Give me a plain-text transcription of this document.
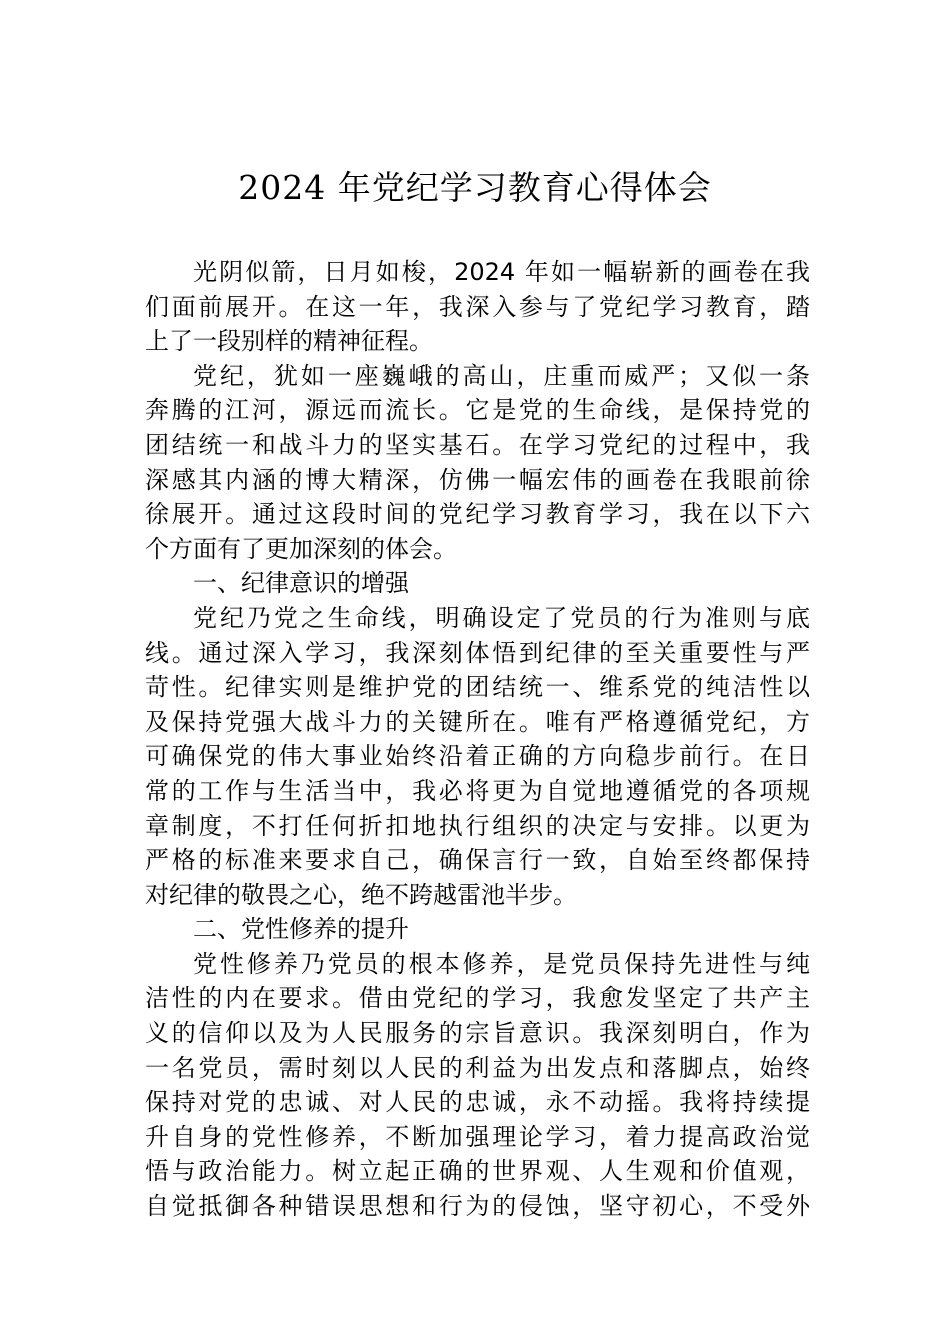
2024 年党纪学习教育心得体会
光阴似箭，日月如梭，2024 年如一幅崭新的画卷在我
们面前展开。在这一年，我深入参与了党纪学习教育，踏
上了一段别样的精神征程。
党纪，犹如一座巍峨的高山，庄重而威严；又似一条
奔腾的江河，源远而流长。它是党的生命线，是保持党的
团结统一和战斗力的坚实基石。在学习党纪的过程中，我
深感其内涵的博大精深，仿佛一幅宏伟的画卷在我眼前徐
徐展开。通过这段时间的党纪学习教育学习，我在以下六
个方面有了更加深刻的体会。
一、纪律意识的增强
党纪乃党之生命线，明确设定了党员的行为准则与底
线。通过深入学习，我深刻体悟到纪律的至关重要性与严
苛性。纪律实则是维护党的团结统一、维系党的纯洁性以
及保持党强大战斗力的关键所在。唯有严格遵循党纪，方
可确保党的伟大事业始终沿着正确的方向稳步前行。在日
常的工作与生活当中，我必将更为自觉地遵循党的各项规
章制度，不打任何折扣地执行组织的决定与安排。以更为
严格的标准来要求自己，确保言行一致，自始至终都保持
对纪律的敬畏之心，绝不跨越雷池半步。
二、党性修养的提升
党性修养乃党员的根本修养，是党员保持先进性与纯
洁性的内在要求。借由党纪的学习，我愈发坚定了共产主
义的信仰以及为人民服务的宗旨意识。我深刻明白，作为
一名党员，需时刻以人民的利益为出发点和落脚点，始终
保持对党的忠诚、对人民的忠诚，永不动摇。我将持续提
升自身的党性修养，不断加强理论学习，着力提高政治觉
悟与政治能力。树立起正确的世界观、人生观和价值观，
自觉抵御各种错误思想和行为的侵蚀，坚守初心，不受外
